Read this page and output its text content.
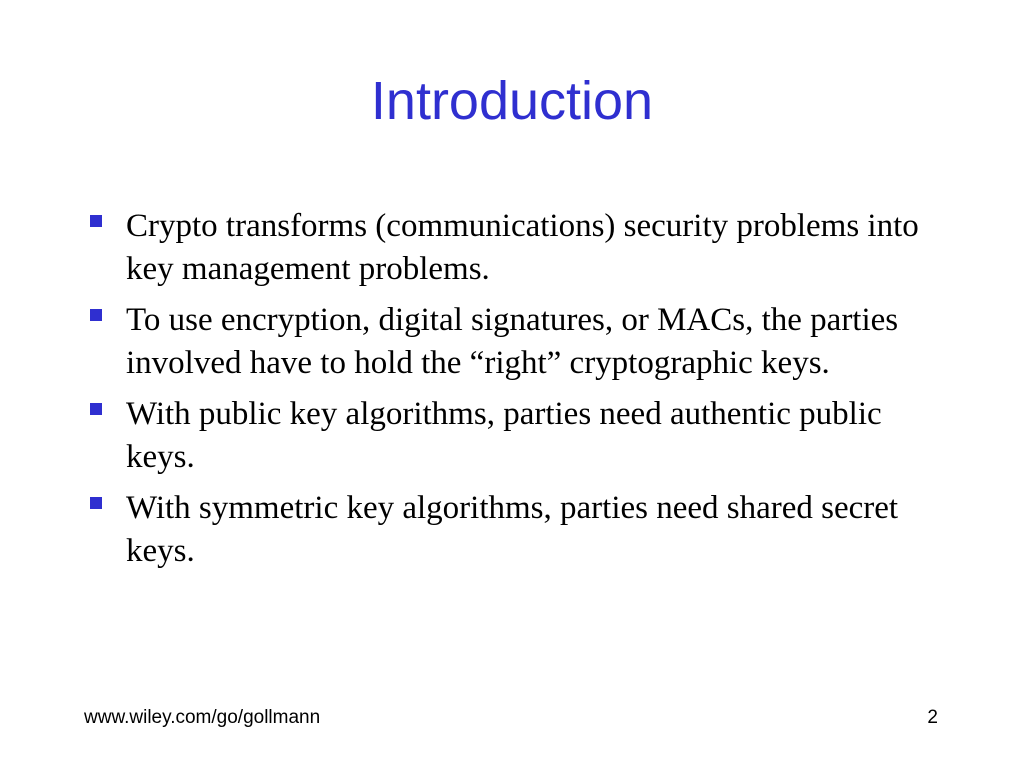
Introduction
Crypto transforms (communications) security problems into key management problems.
To use encryption, digital signatures, or MACs, the parties involved have to hold the “right” cryptographic keys.
With public key algorithms, parties need authentic public keys.
With symmetric key algorithms, parties need shared secret keys.
www.wiley.com/go/gollmann	2
